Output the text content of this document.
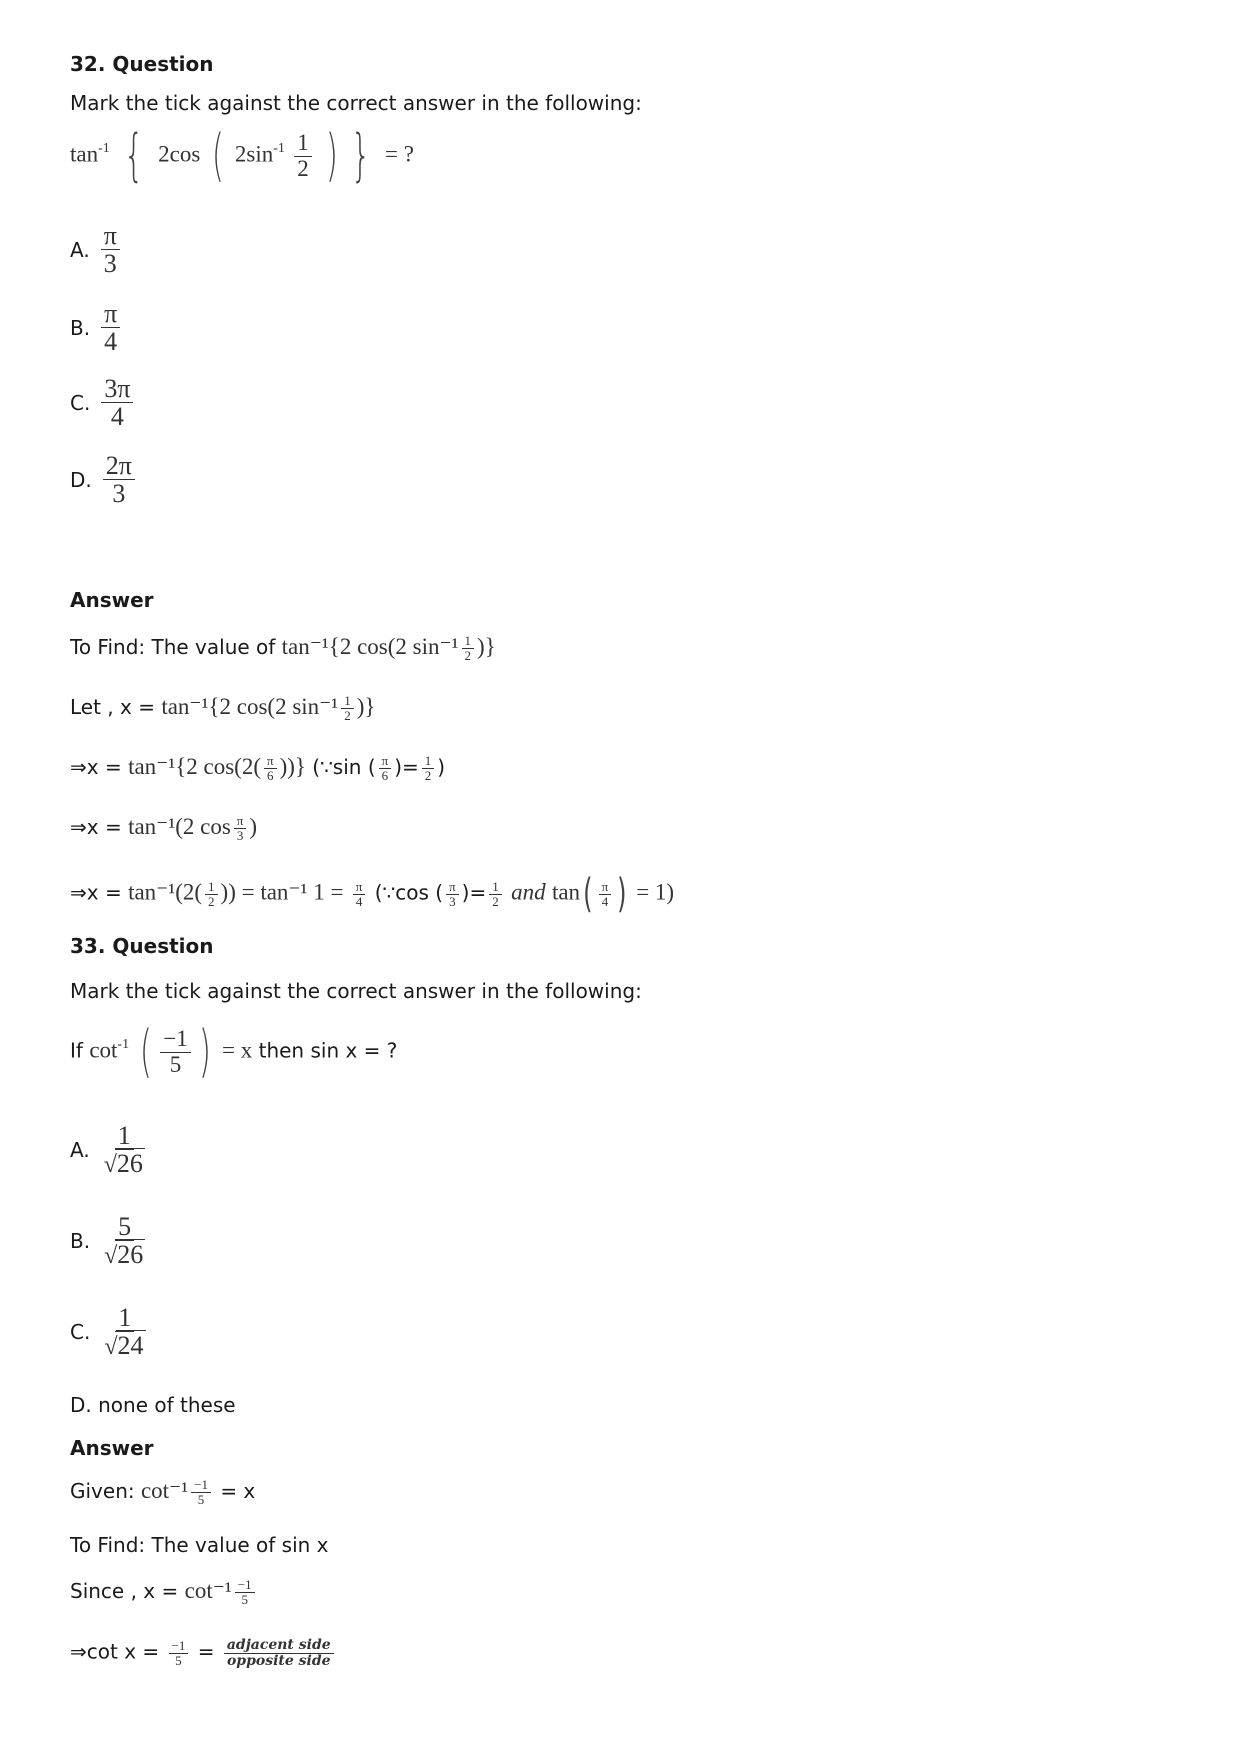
32. Question
Mark the tick against the correct answer in the following:
$\tan^{-1}$ { 2cos ( $2\sin^{-1} \frac{1}{2}$ ) } = ?
A. $\frac{\pi}{3}$
B. $\frac{\pi}{4}$
C. $\frac{3\pi}{4}$
D. $\frac{2\pi}{3}$
Answer
To Find: The value of tan⁻¹{2 cos(2 $\sin^{-1} \frac{1}{2}$ )}
Let , x = tan⁻¹{2 cos(2 $\sin^{-1} \frac{1}{2}$ )}
⇒x = tan⁻¹{2 $\cos(2( \frac{\pi}{6}$ ))} (∵sin ( $\frac{\pi}{6}$ )= $\frac{1}{2}$ )
⇒x = tan⁻¹(2 $\cos \frac{\pi}{3}$ )
⇒x = $\tan^{-1}(2( \frac{1}{2}$ )) = tan⁻¹ $1 = \frac{\pi}{4}$ (∵cos ( $\frac{\pi}{3}$ )= $\frac{1}{2}$ and $\tan( \frac{\pi}{4}$ ) = 1)
33. Question
Mark the tick against the correct answer in the following:
If $\cot^{-1}$ ( $\frac{-1}{5}$ ) = x then sin x = ?
A. $\frac{1}{√26}$
B. $\frac{5}{√26}$
C. $\frac{1}{√24}$
D. none of these
Answer
Given: $\cot^{-1} \frac{-1}{5} = x$
To Find: The value of sin x
Since , $x = \cot^{-1} \frac{-1}{5}$
⇒cot $x = \frac{-1}{5} = \frac{\text{adjacent side}}{\text{opposite side}}$
